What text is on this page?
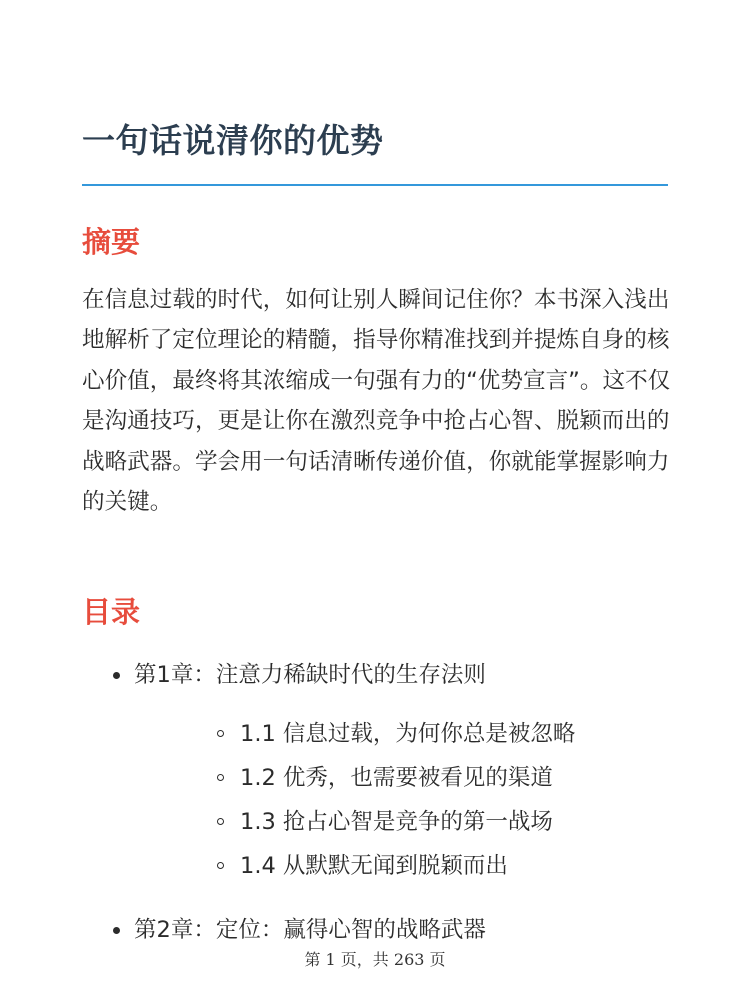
一句话说清你的优势
摘要

在信息过载的时代，如何让别人瞬间记住你？本书深入浅出地解析了定位理论的精髓，指导你精准找到并提炼自身的核心价值，最终将其浓缩成一句强有力的“优势宣言”。这不仅是沟通技巧，更是让你在激烈竞争中抢占心智、脱颖而出的战略武器。学会用一句话清晰传递价值，你就能掌握影响力的关键。

目录
第1章：注意力稀缺时代的生存法则
1.1 信息过载，为何你总是被忽略
1.2 优秀，也需要被看见的渠道
1.3 抢占心智是竞争的第一战场
1.4 从默默无闻到脱颖而出
第2章：定位：赢得心智的战略武器
第 1 页，共 263 页
